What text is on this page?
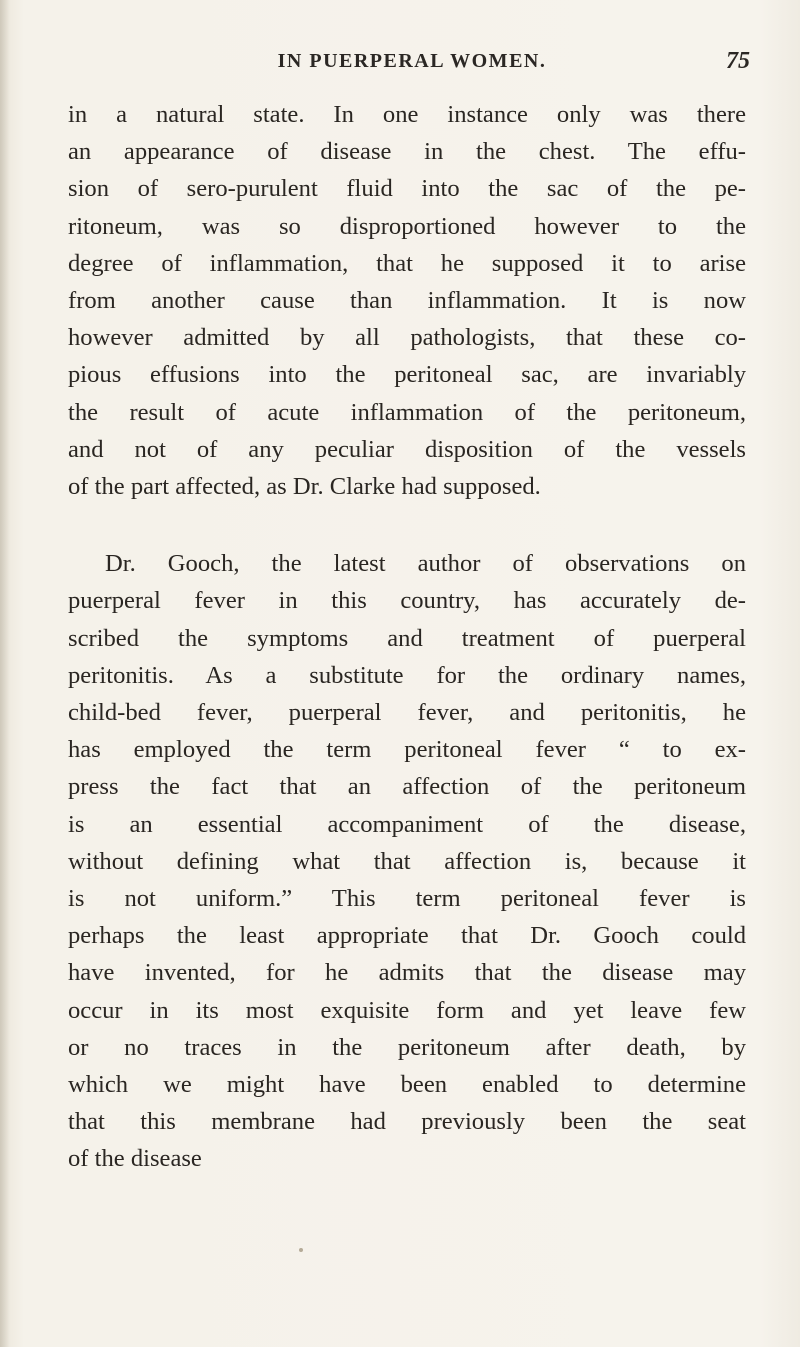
IN PUERPERAL WOMEN.	75

in a natural state. In one instance only was there
an appearance of disease in the chest. The effu-
sion of sero-purulent fluid into the sac of the pe-
ritoneum, was so disproportioned however to the
degree of inflammation, that he supposed it to arise
from another cause than inflammation. It is now
however admitted by all pathologists, that these co-
pious effusions into the peritoneal sac, are invariably
the result of acute inflammation of the peritoneum,
and not of any peculiar disposition of the vessels
of the part affected, as Dr. Clarke had supposed.

Dr. Gooch, the latest author of observations on
puerperal fever in this country, has accurately de-
scribed the symptoms and treatment of puerperal
peritonitis. As a substitute for the ordinary names,
child-bed fever, puerperal fever, and peritonitis, he
has employed the term peritoneal fever “ to ex-
press the fact that an affection of the peritoneum
is an essential accompaniment of the disease,
without defining what that affection is, because it
is not uniform.” This term peritoneal fever is
perhaps the least appropriate that Dr. Gooch could
have invented, for he admits that the disease may
occur in its most exquisite form and yet leave few
or no traces in the peritoneum after death, by
which we might have been enabled to determine
that this membrane had previously been the seat
of the disease
